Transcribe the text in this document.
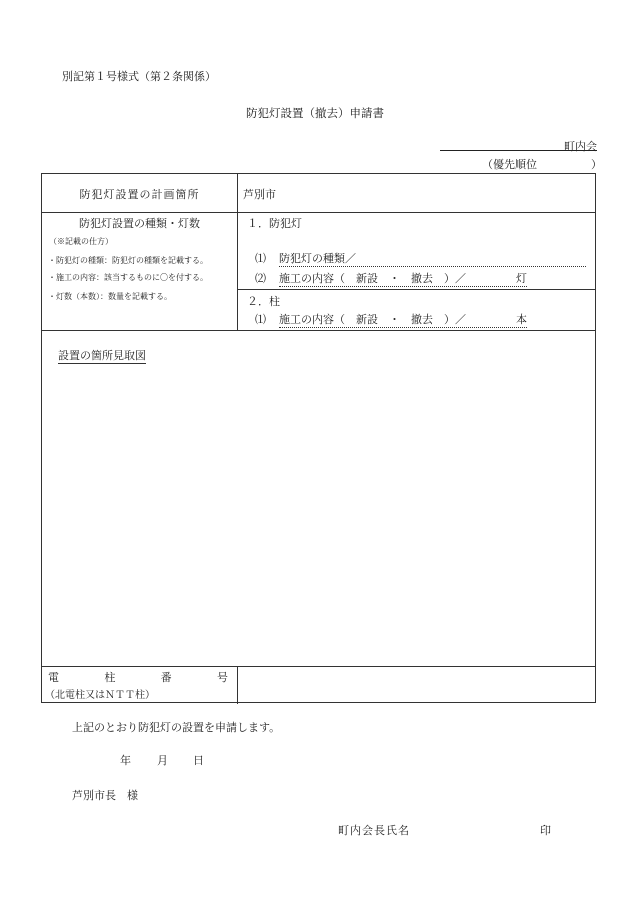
別記第１号様式（第２条関係）
防犯灯設置（撤去）申請書
町内会
（優先順位	）
防犯灯設置の計画箇所	芦別市
防犯灯設置の種類・灯数
（※記載の仕方）
・防犯灯の種類：防犯灯の種類を記載する。
・施工の内容：該当するものに〇を付する。
・灯数（本数）：数量を記載する。
１．防犯灯
⑴ 防犯灯の種類／
⑵ 施工の内容（　新設　・　撤去　）／	灯
２．柱
⑴ 施工の内容（　新設　・　撤去　）／	本
設置の箇所見取図
電	柱	番	号
（北電柱又はＮＴＴ柱）
上記のとおり防犯灯の設置を申請します。
年 月 日
芦別市長　様
町内会長氏名	印
